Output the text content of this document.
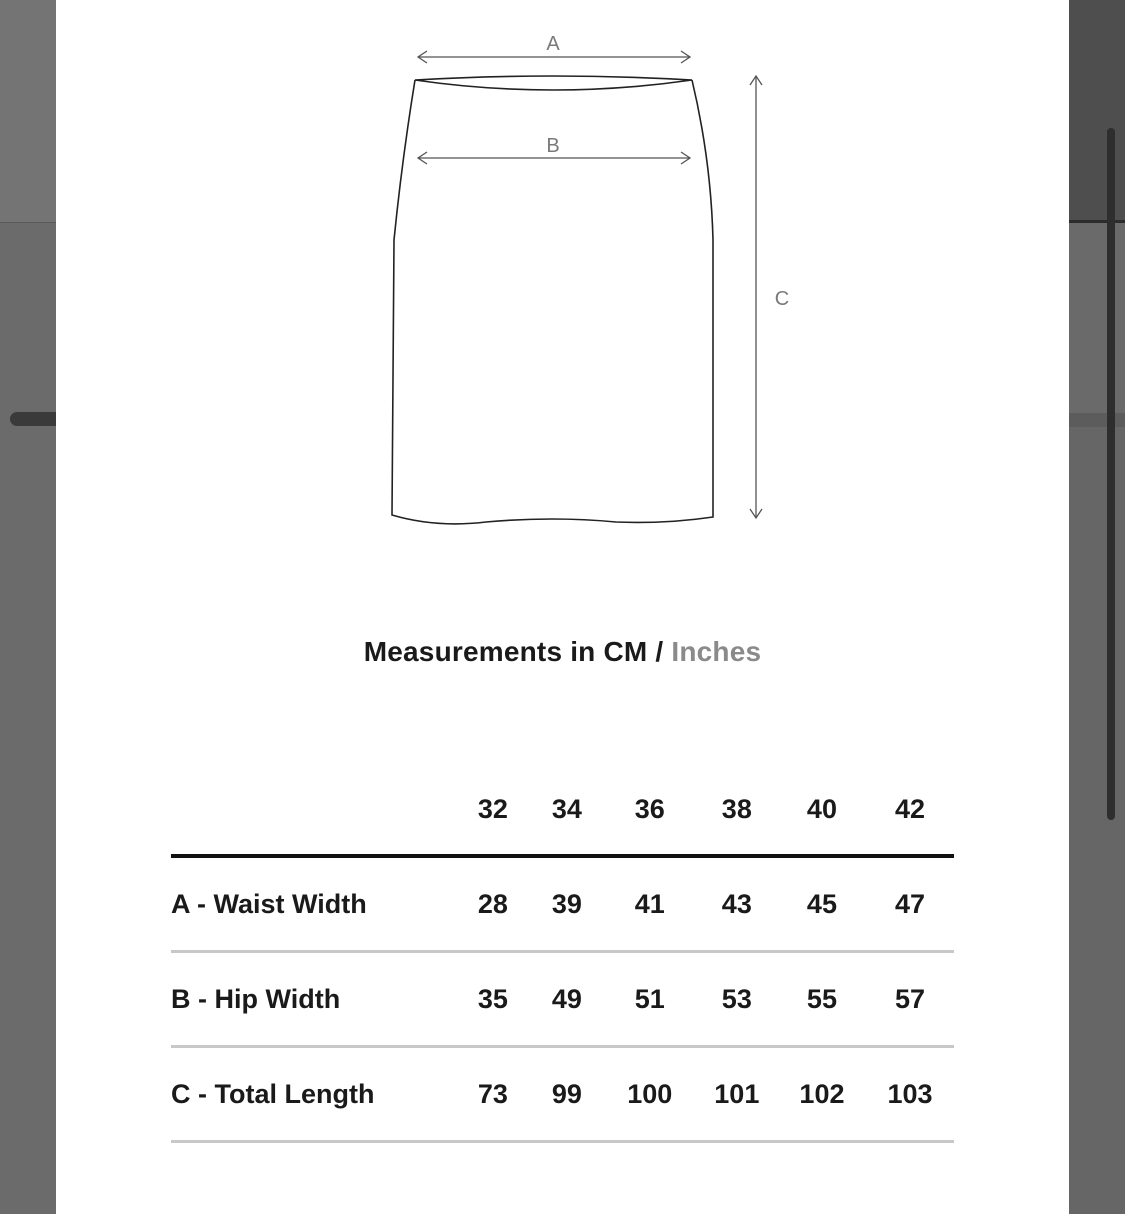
A
B
C
Measurements in CM / Inches
	32	34	36	38	40	42
A - Waist Width	28	39	41	43	45	47
B - Hip Width	35	49	51	53	55	57
C - Total Length	73	99	100	101	102	103
